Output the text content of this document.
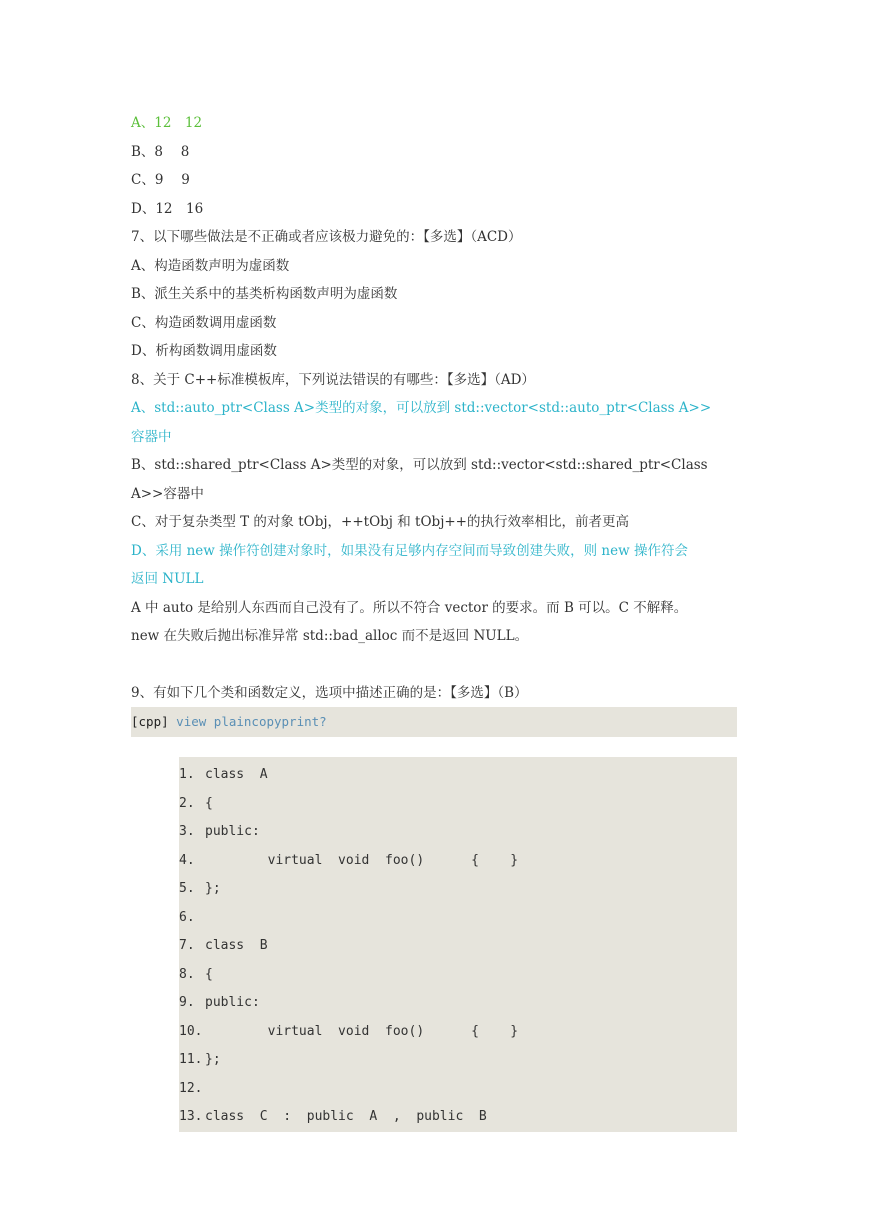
A、12　12
B、8　 8
C、9　 9
D、12　16
7、以下哪些做法是不正确或者应该极力避免的：【多选】（ACD）
A、构造函数声明为虚函数
B、派生关系中的基类析构函数声明为虚函数
C、构造函数调用虚函数
D、析构函数调用虚函数
8、关于 C++标准模板库，下列说法错误的有哪些：【多选】（AD）
A、std::auto_ptr<Class A>类型的对象，可以放到 std::vector<std::auto_ptr<Class A>>
容器中
B、std::shared_ptr<Class A>类型的对象，可以放到 std::vector<std::shared_ptr<Class
A>>容器中
C、对于复杂类型 T 的对象 tObj，++tObj 和 tObj++的执行效率相比，前者更高
D、采用 new 操作符创建对象时，如果没有足够内存空间而导致创建失败，则 new 操作符会
返回 NULL
A 中 auto 是给别人东西而自己没有了。所以不符合 vector 的要求。而 B 可以。C 不解释。
new 在失败后抛出标准异常 std::bad_alloc 而不是返回 NULL。
9、有如下几个类和函数定义，选项中描述正确的是：【多选】（B）
[cpp] view plaincopyprint?
1. class  A
2. {
3. public:
4.        virtual  void  foo()      {    }
5. };
6.
7. class  B
8. {
9. public:
10.        virtual  void  foo()      {    }
11. };
12.
13. class  C  :  public  A  ,  public  B
